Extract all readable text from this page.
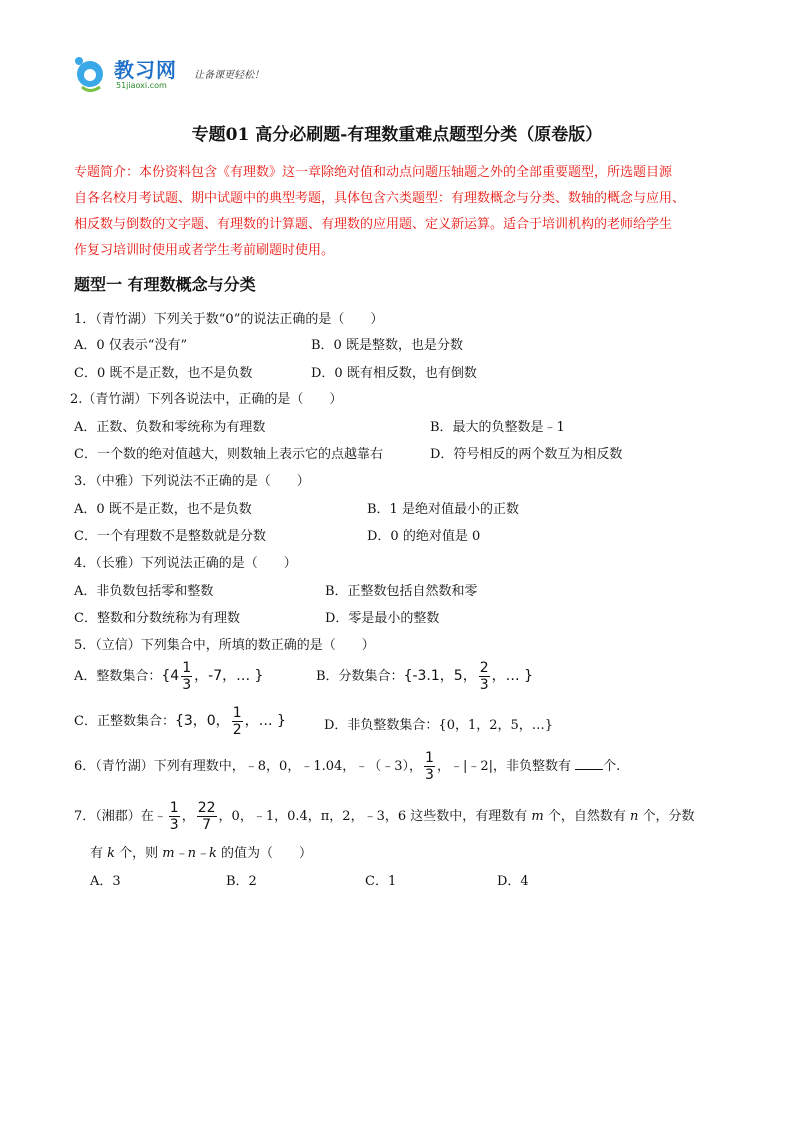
教习网
51jiaoxi.com
让备课更轻松！
专题01 高分必刷题-有理数重难点题型分类（原卷版）
专题简介：本份资料包含《有理数》这一章除绝对值和动点问题压轴题之外的全部重要题型，所选题目源
自各名校月考试题、期中试题中的典型考题，具体包含六类题型：有理数概念与分类、数轴的概念与应用、
相反数与倒数的文字题、有理数的计算题、有理数的应用题、定义新运算。适合于培训机构的老师给学生
作复习培训时使用或者学生考前刷题时使用。
题型一 有理数概念与分类
1．（青竹湖）下列关于数“0”的说法正确的是（　　）
A．0 仅表示“没有”	B．0 既是整数，也是分数
C．0 既不是正数，也不是负数	D．0 既有相反数，也有倒数
2.（青竹湖）下列各说法中，正确的是（　　）
A．正数、负数和零统称为有理数	B．最大的负整数是﹣1
C．一个数的绝对值越大，则数轴上表示它的点越靠右	D．符号相反的两个数互为相反数
3．（中雅）下列说法不正确的是（　　）
A．0 既不是正数，也不是负数	B．1 是绝对值最小的正数
C．一个有理数不是整数就是分数	D．0 的绝对值是 0
4．（长雅）下列说法正确的是（　　）
A．非负数包括零和整数	B．正整数包括自然数和零
C．整数和分数统称为有理数	D．零是最小的整数
5．（立信）下列集合中，所填的数正确的是（　　）
A．整数集合：{$4 \frac{1}{3}$ ，-7，… }	B．分数集合：{-3.1，5， $\frac{2}{3}$ ，… }
C．正整数集合：{3，0， $\frac{1}{2}$ ，… }	D．非负整数集合：{0，1，2，5，…}
6．（青竹湖）下列有理数中，﹣8，0，﹣1.04，﹣（﹣3）， $\frac{1}{3}$ ，﹣|﹣2|，非负整数有 个.
7．（湘郡）在﹣ $\frac{1}{3}$ ， $\frac{22}{7}$ ，0，﹣1，0.4，π，2，﹣3，6 这些数中，有理数有 m 个，自然数有 n 个，分数
有 k 个，则 m﹣n﹣k 的值为（　　）
A．3	B．2	C．1	D．4
